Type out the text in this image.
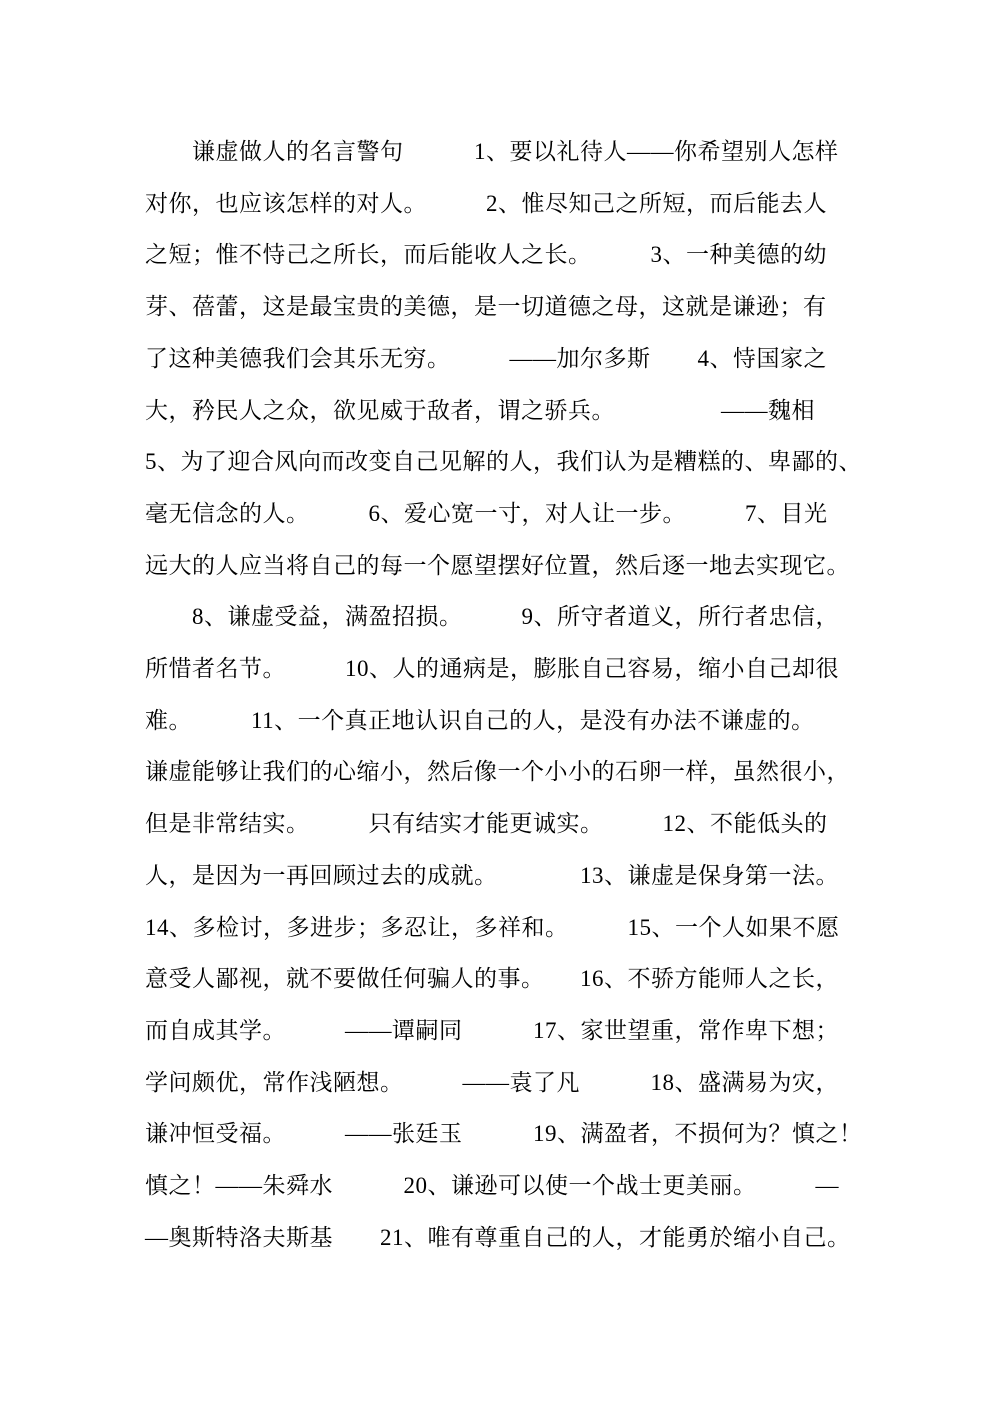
　　谦虚做人的名言警句　　　1、要以礼待人——你希望别人怎样
对你，也应该怎样的对人。　　　2、惟尽知己之所短，而后能去人
之短；惟不恃己之所长，而后能收人之长。　　　3、一种美德的幼
芽、蓓蕾，这是最宝贵的美德，是一切道德之母，这就是谦逊；有
了这种美德我们会其乐无穷。　　　——加尔多斯　　4、恃国家之
大，矜民人之众，欲见威于敌者，谓之骄兵。　　　　　——魏相
5、为了迎合风向而改变自己见解的人，我们认为是糟糕的、卑鄙的、
毫无信念的人。　　　6、爱心宽一寸，对人让一步。　　　7、目光
远大的人应当将自己的每一个愿望摆好位置，然后逐一地去实现它。
　　8、谦虚受益，满盈招损。　　　9、所守者道义，所行者忠信，
所惜者名节。　　　10、人的通病是，膨胀自己容易，缩小自己却很
难。　　　11、一个真正地认识自己的人，是没有办法不谦虚的。
谦虚能够让我们的心缩小，然后像一个小小的石卵一样，虽然很小，
但是非常结实。　　　只有结实才能更诚实。　　　12、不能低头的
人，是因为一再回顾过去的成就。　　　　13、谦虚是保身第一法。
14、多检讨，多进步；多忍让，多祥和。　　　15、一个人如果不愿
意受人鄙视，就不要做任何骗人的事。　　16、不骄方能师人之长，
而自成其学。　　　——谭嗣同　　　17、家世望重，常作卑下想；
学问颇优，常作浅陋想。　　　——袁了凡　　　18、盛满易为灾，
谦冲恒受福。　　　——张廷玉　　　19、满盈者，不损何为？慎之！
慎之！——朱舜水　　　20、谦逊可以使一个战士更美丽。　　　—
—奥斯特洛夫斯基　　21、唯有尊重自己的人，才能勇於缩小自己。
